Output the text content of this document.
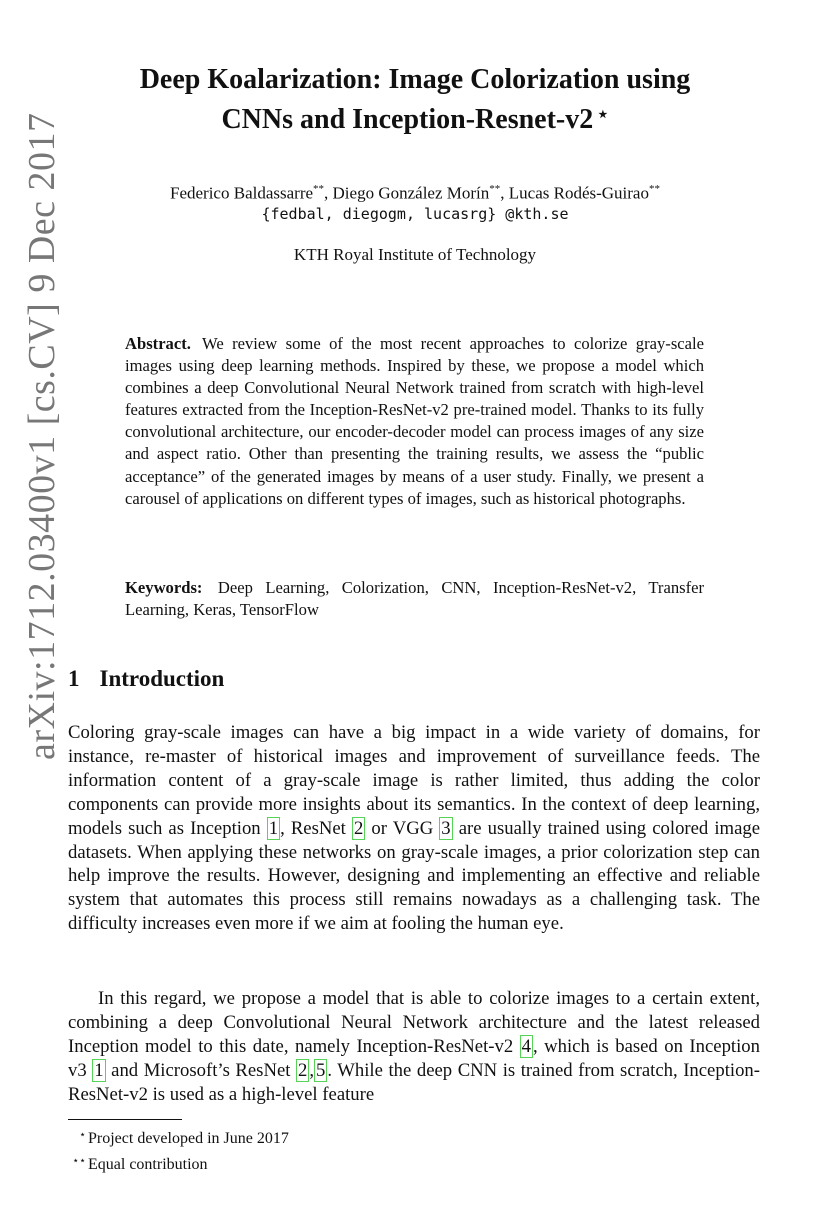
arXiv:1712.03400v1 [cs.CV] 9 Dec 2017
Deep Koalarization: Image Colorization using
CNNs and Inception-Resnet-v2 ⋆
Federico Baldassarre**, Diego González Morín**, Lucas Rodés-Guirao**
{fedbal, diegogm, lucasrg} @kth.se
KTH Royal Institute of Technology
Abstract. We review some of the most recent approaches to colorize gray-scale images using deep learning methods. Inspired by these, we propose a model which combines a deep Convolutional Neural Network trained from scratch with high-level features extracted from the Inception-ResNet-v2 pre-trained model. Thanks to its fully convolutional architecture, our encoder-decoder model can process images of any size and aspect ratio. Other than presenting the training results, we assess the “public acceptance” of the generated images by means of a user study. Finally, we present a carousel of applications on different types of images, such as historical photographs.
Keywords: Deep Learning, Colorization, CNN, Inception-ResNet-v2, Transfer Learning, Keras, TensorFlow
1 Introduction
Coloring gray-scale images can have a big impact in a wide variety of domains, for instance, re-master of historical images and improvement of surveillance feeds. The information content of a gray-scale image is rather limited, thus adding the color components can provide more insights about its semantics. In the context of deep learning, models such as Inception 1 , ResNet 2 or VGG 3 are usually trained using colored image datasets. When applying these networks on gray-scale images, a prior colorization step can help improve the results. However, designing and implementing an effective and reliable system that automates this process still remains nowadays as a challenging task. The difficulty increases even more if we aim at fooling the human eye.
In this regard, we propose a model that is able to colorize images to a certain extent, combining a deep Convolutional Neural Network architecture and the latest released Inception model to this date, namely Inception-ResNet-v2 4 , which is based on Inception v3 1 and Microsoft’s ResNet 2 , 5 . While the deep CNN is trained from scratch, Inception-ResNet-v2 is used as a high-level feature
⋆ Project developed in June 2017
⋆⋆ Equal contribution
